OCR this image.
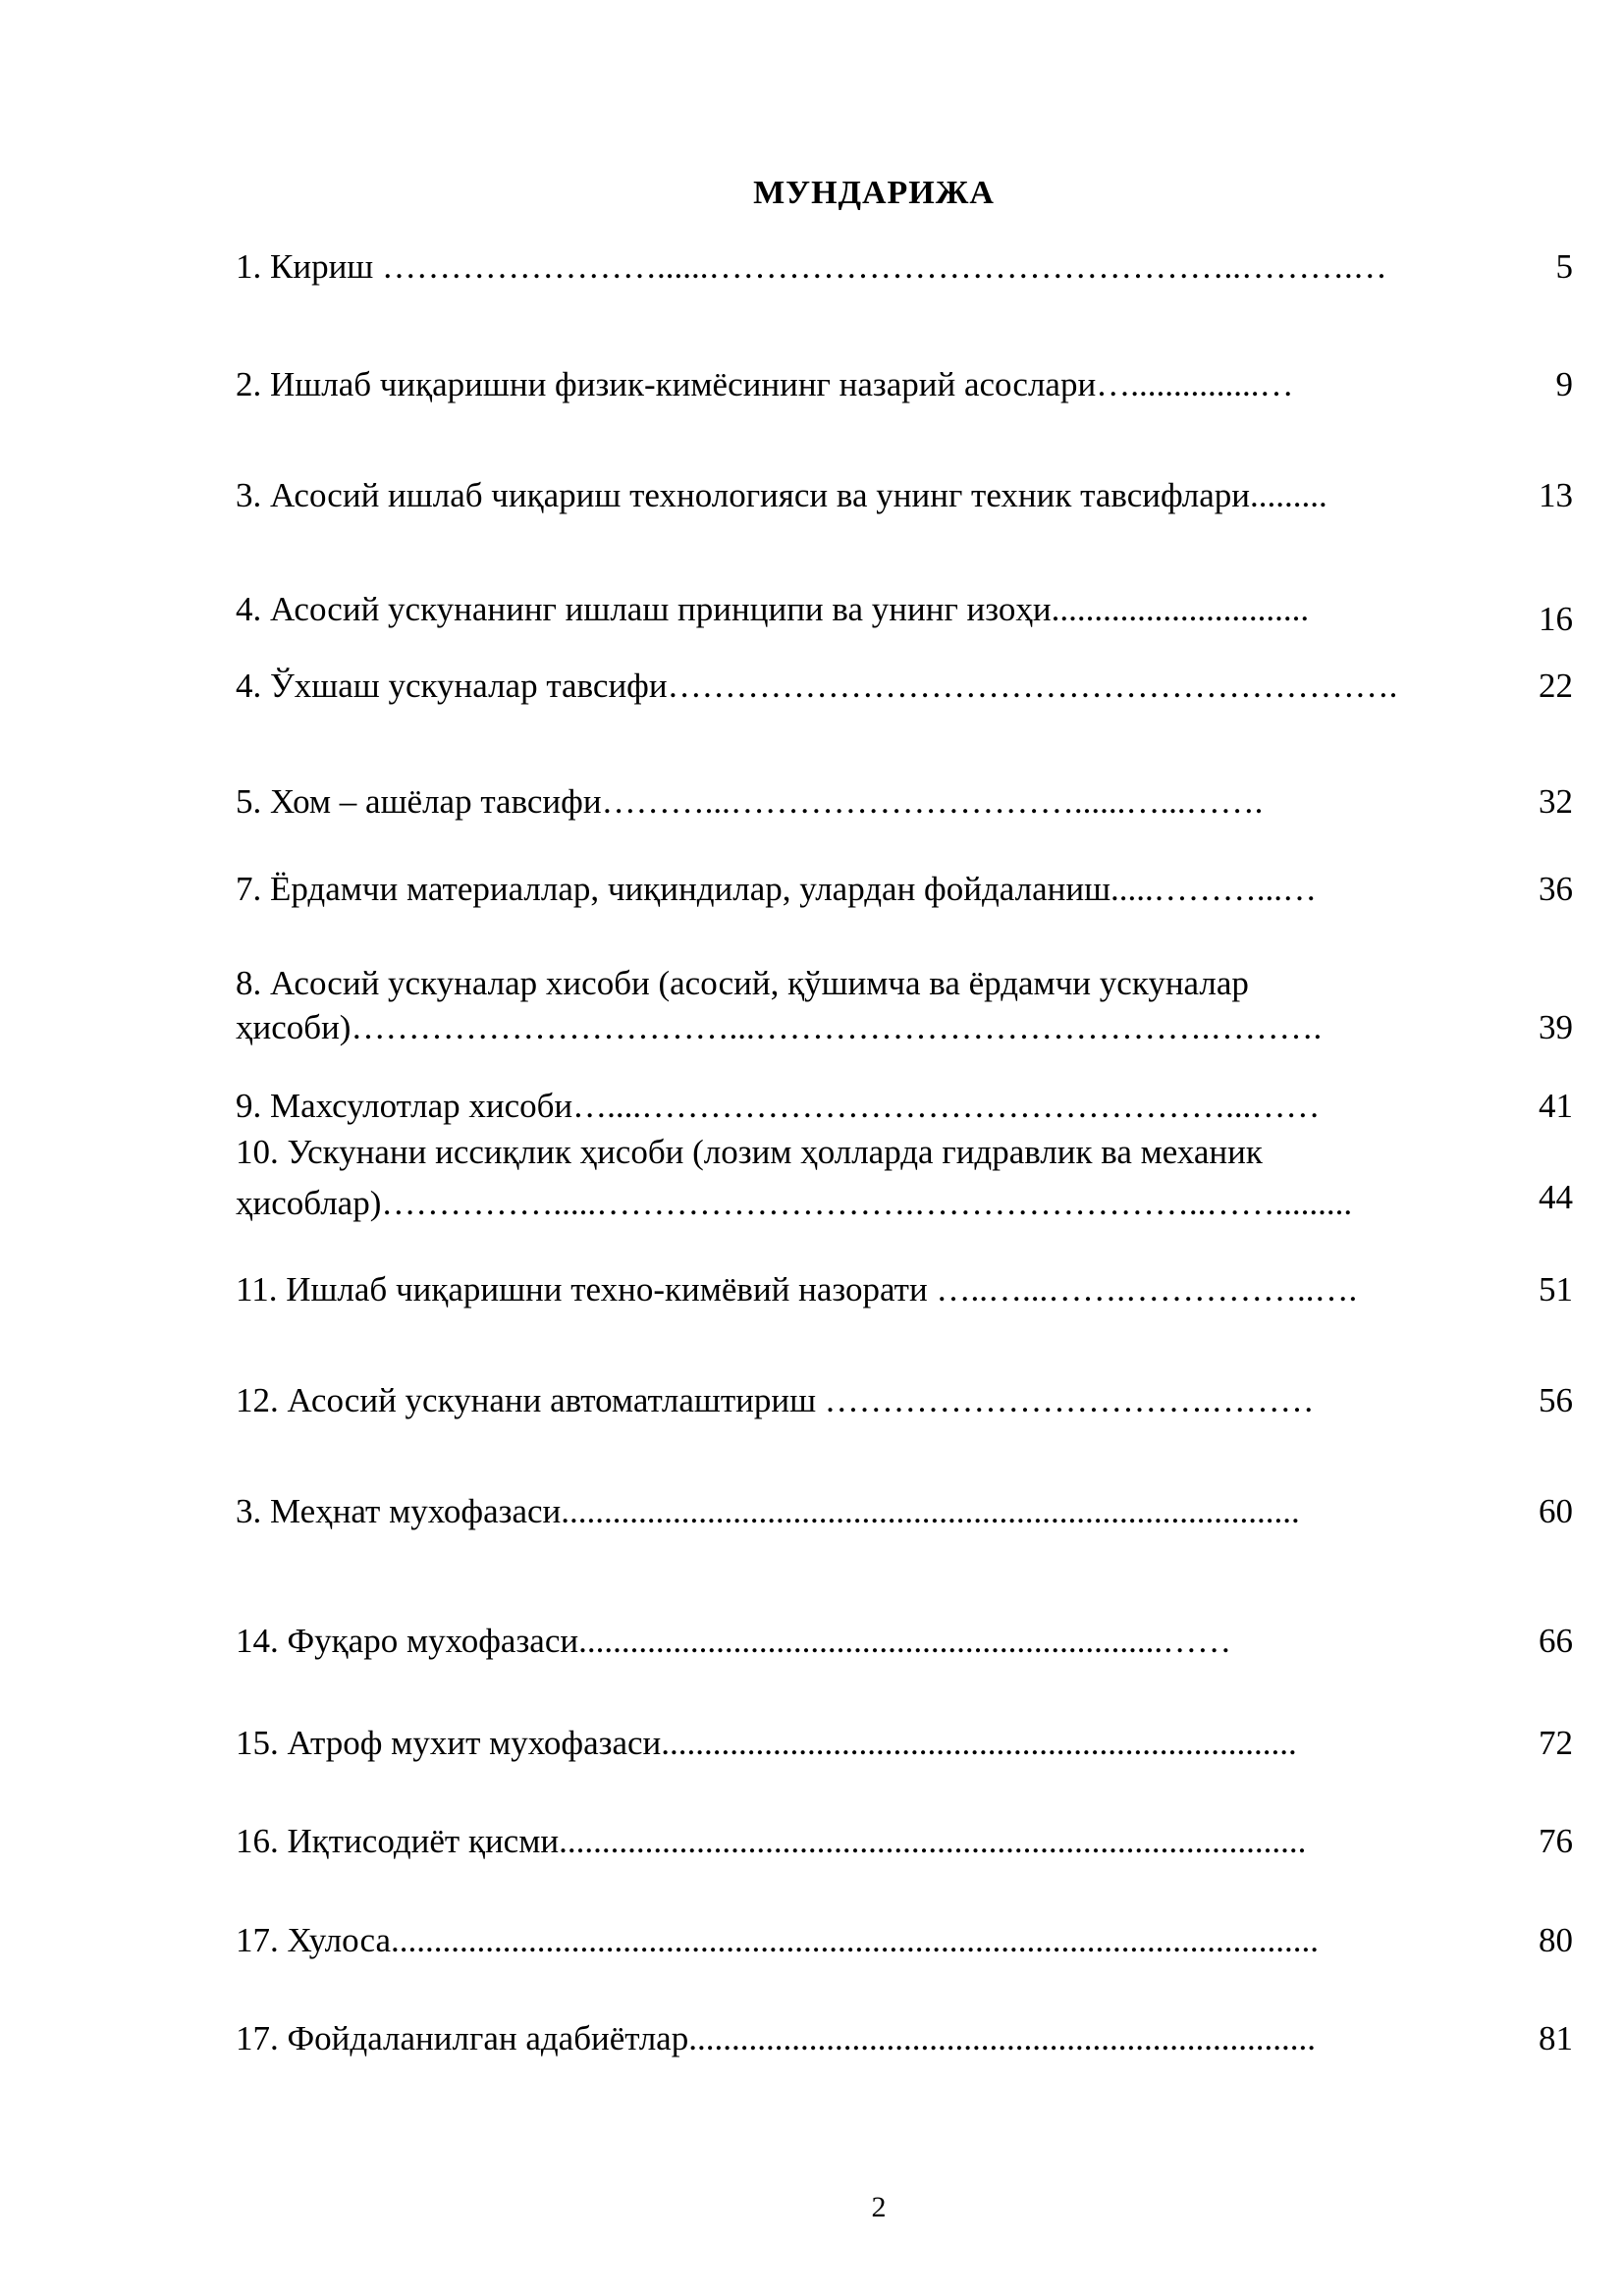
МУНДАРИЖА
1. Кириш ……………………......………………………………………..……….…	5
2. Ишлаб чиқаришни физик-кимёсининг назарий асослари…...............…	9
3. Асосий ишлаб чиқариш технологияси ва унинг техник тавсифлари.........	13
4. Асосий ускунанинг ишлаш принципи ва унинг изоҳи..............................	16
4. Ўхшаш ускуналар тавсифи……………………………………………………….	22
5. Хом – ашёлар тавсифи………...…………………………......…...…….	32
7. Ёрдамчи материаллар, чиқиндилар, улардан фойдаланиш.....………...…	36
8. Асосий ускуналар хисоби (асосий, қўшимча ва ёрдамчи ускуналар
ҳисоби)……………………………...………………………………….……….	39
9. Махсулотлар хисоби…....……………………………………………...……	41
10. Ускунани иссиқлик ҳисоби (лозим ҳолларда гидравлик ва механик
ҳисоблар)…………….....……………………….……………………..…….........	44
11. Ишлаб чиқаришни техно-кимёвий назорати …..…...…….……………..….	51
12. Асосий ускунани автоматлаштириш …………………………….………	56
3. Меҳнат мухофазаси......................................................................................	60
14. Фуқаро мухофазаси....................................................................……	66
15. Атроф мухит мухофазаси..........................................................................	72
16. Иқтисодиёт қисми.......................................................................................	76
17. Хулоса............................................................................................................	80
17. Фойдаланилган адабиётлар.........................................................................	81
2
